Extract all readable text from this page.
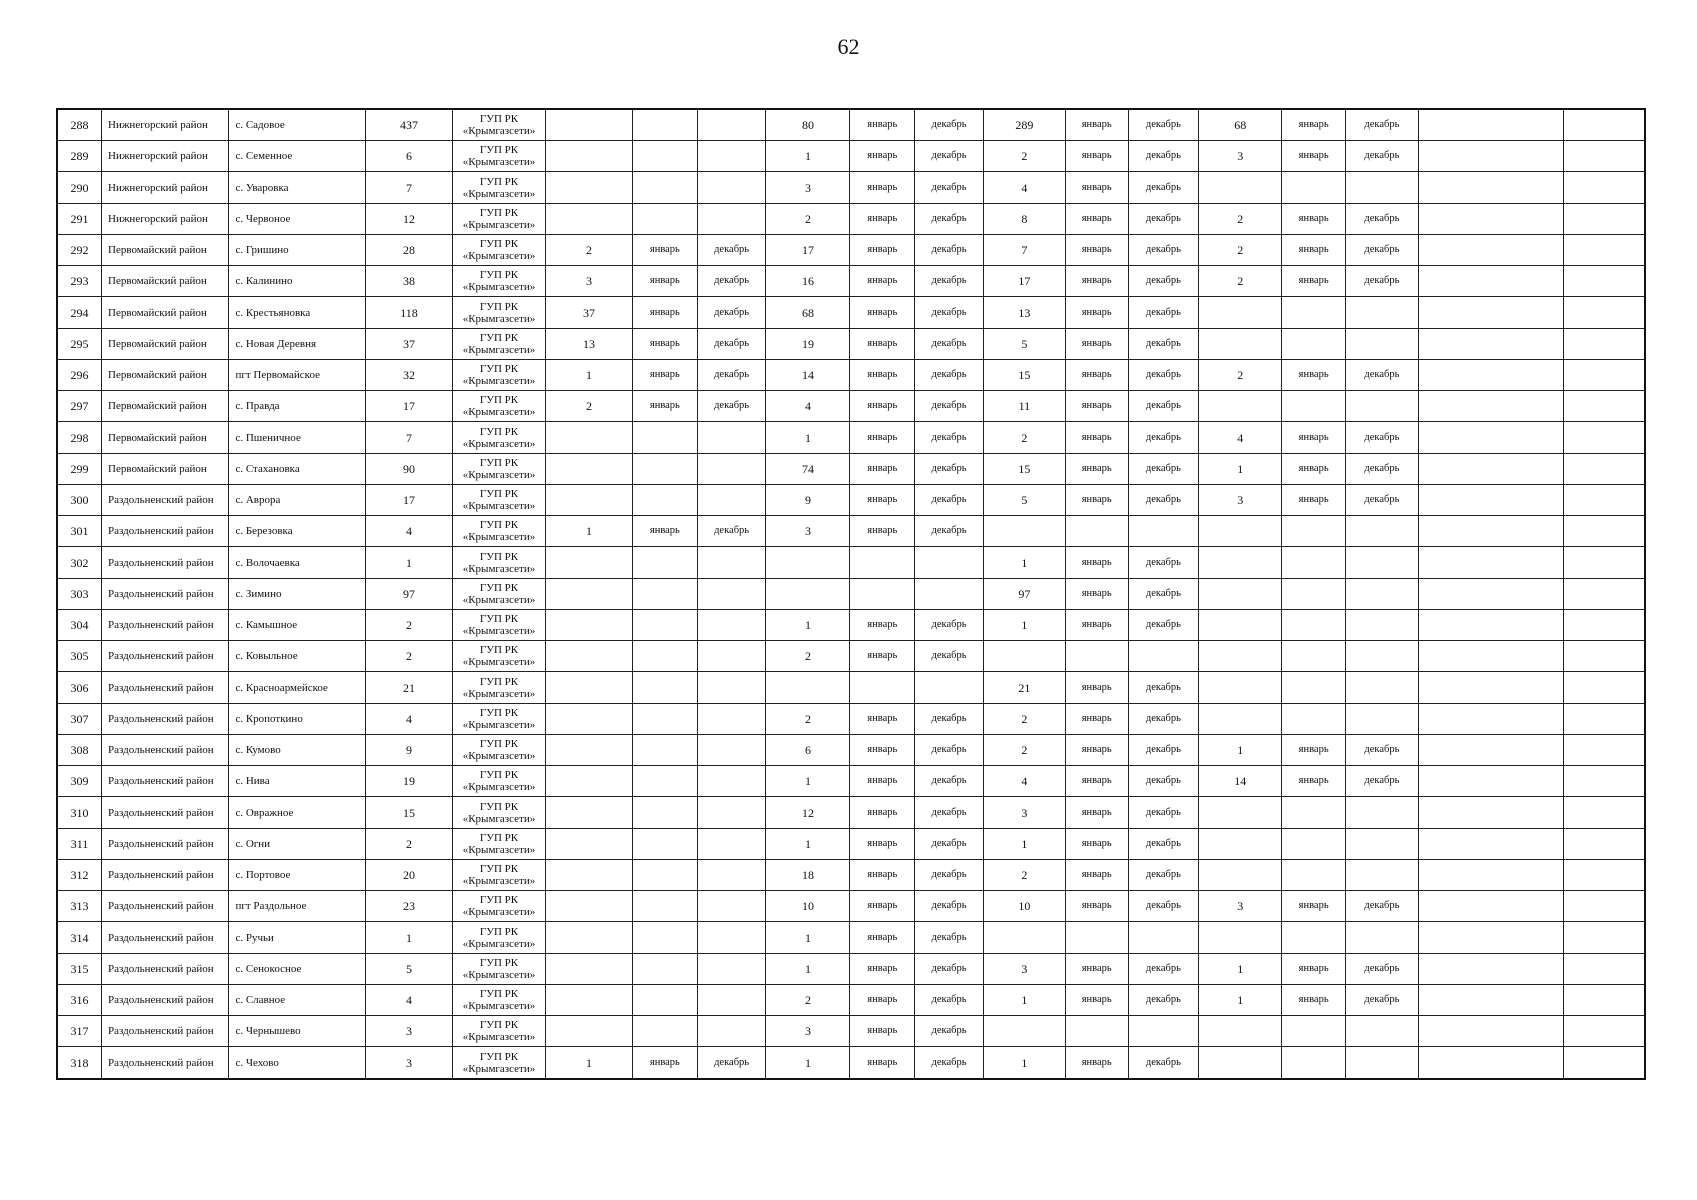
62
288	Нижнегорский район	с. Садовое	437	ГУП РК «Крымгазсети»				80	январь	декабрь	289	январь	декабрь	68	январь	декабрь		
289	Нижнегорский район	с. Семенное	6	ГУП РК «Крымгазсети»				1	январь	декабрь	2	январь	декабрь	3	январь	декабрь		
290	Нижнегорский район	с. Уваровка	7	ГУП РК «Крымгазсети»				3	январь	декабрь	4	январь	декабрь					
291	Нижнегорский район	с. Червоное	12	ГУП РК «Крымгазсети»				2	январь	декабрь	8	январь	декабрь	2	январь	декабрь		
292	Первомайский район	с. Гришино	28	ГУП РК «Крымгазсети»	2	январь	декабрь	17	январь	декабрь	7	январь	декабрь	2	январь	декабрь		
293	Первомайский район	с. Калинино	38	ГУП РК «Крымгазсети»	3	январь	декабрь	16	январь	декабрь	17	январь	декабрь	2	январь	декабрь		
294	Первомайский район	с. Крестьяновка	118	ГУП РК «Крымгазсети»	37	январь	декабрь	68	январь	декабрь	13	январь	декабрь					
295	Первомайский район	с. Новая Деревня	37	ГУП РК «Крымгазсети»	13	январь	декабрь	19	январь	декабрь	5	январь	декабрь					
296	Первомайский район	пгт Первомайское	32	ГУП РК «Крымгазсети»	1	январь	декабрь	14	январь	декабрь	15	январь	декабрь	2	январь	декабрь		
297	Первомайский район	с. Правда	17	ГУП РК «Крымгазсети»	2	январь	декабрь	4	январь	декабрь	11	январь	декабрь					
298	Первомайский район	с. Пшеничное	7	ГУП РК «Крымгазсети»				1	январь	декабрь	2	январь	декабрь	4	январь	декабрь		
299	Первомайский район	с. Стахановка	90	ГУП РК «Крымгазсети»				74	январь	декабрь	15	январь	декабрь	1	январь	декабрь		
300	Раздольненский район	с. Аврора	17	ГУП РК «Крымгазсети»				9	январь	декабрь	5	январь	декабрь	3	январь	декабрь		
301	Раздольненский район	с. Березовка	4	ГУП РК «Крымгазсети»	1	январь	декабрь	3	январь	декабрь								
302	Раздольненский район	с. Волочаевка	1	ГУП РК «Крымгазсети»							1	январь	декабрь					
303	Раздольненский район	с. Зимино	97	ГУП РК «Крымгазсети»							97	январь	декабрь					
304	Раздольненский район	с. Камышное	2	ГУП РК «Крымгазсети»				1	январь	декабрь	1	январь	декабрь					
305	Раздольненский район	с. Ковыльное	2	ГУП РК «Крымгазсети»				2	январь	декабрь								
306	Раздольненский район	с. Красноармейское	21	ГУП РК «Крымгазсети»							21	январь	декабрь					
307	Раздольненский район	с. Кропоткино	4	ГУП РК «Крымгазсети»				2	январь	декабрь	2	январь	декабрь					
308	Раздольненский район	с. Кумово	9	ГУП РК «Крымгазсети»				6	январь	декабрь	2	январь	декабрь	1	январь	декабрь		
309	Раздольненский район	с. Нива	19	ГУП РК «Крымгазсети»				1	январь	декабрь	4	январь	декабрь	14	январь	декабрь		
310	Раздольненский район	с. Овражное	15	ГУП РК «Крымгазсети»				12	январь	декабрь	3	январь	декабрь					
311	Раздольненский район	с. Огни	2	ГУП РК «Крымгазсети»				1	январь	декабрь	1	январь	декабрь					
312	Раздольненский район	с. Портовое	20	ГУП РК «Крымгазсети»				18	январь	декабрь	2	январь	декабрь					
313	Раздольненский район	пгт Раздольное	23	ГУП РК «Крымгазсети»				10	январь	декабрь	10	январь	декабрь	3	январь	декабрь		
314	Раздольненский район	с. Ручьи	1	ГУП РК «Крымгазсети»				1	январь	декабрь								
315	Раздольненский район	с. Сенокосное	5	ГУП РК «Крымгазсети»				1	январь	декабрь	3	январь	декабрь	1	январь	декабрь		
316	Раздольненский район	с. Славное	4	ГУП РК «Крымгазсети»				2	январь	декабрь	1	январь	декабрь	1	январь	декабрь		
317	Раздольненский район	с. Чернышево	3	ГУП РК «Крымгазсети»				3	январь	декабрь								
318	Раздольненский район	с. Чехово	3	ГУП РК «Крымгазсети»	1	январь	декабрь	1	январь	декабрь	1	январь	декабрь					
